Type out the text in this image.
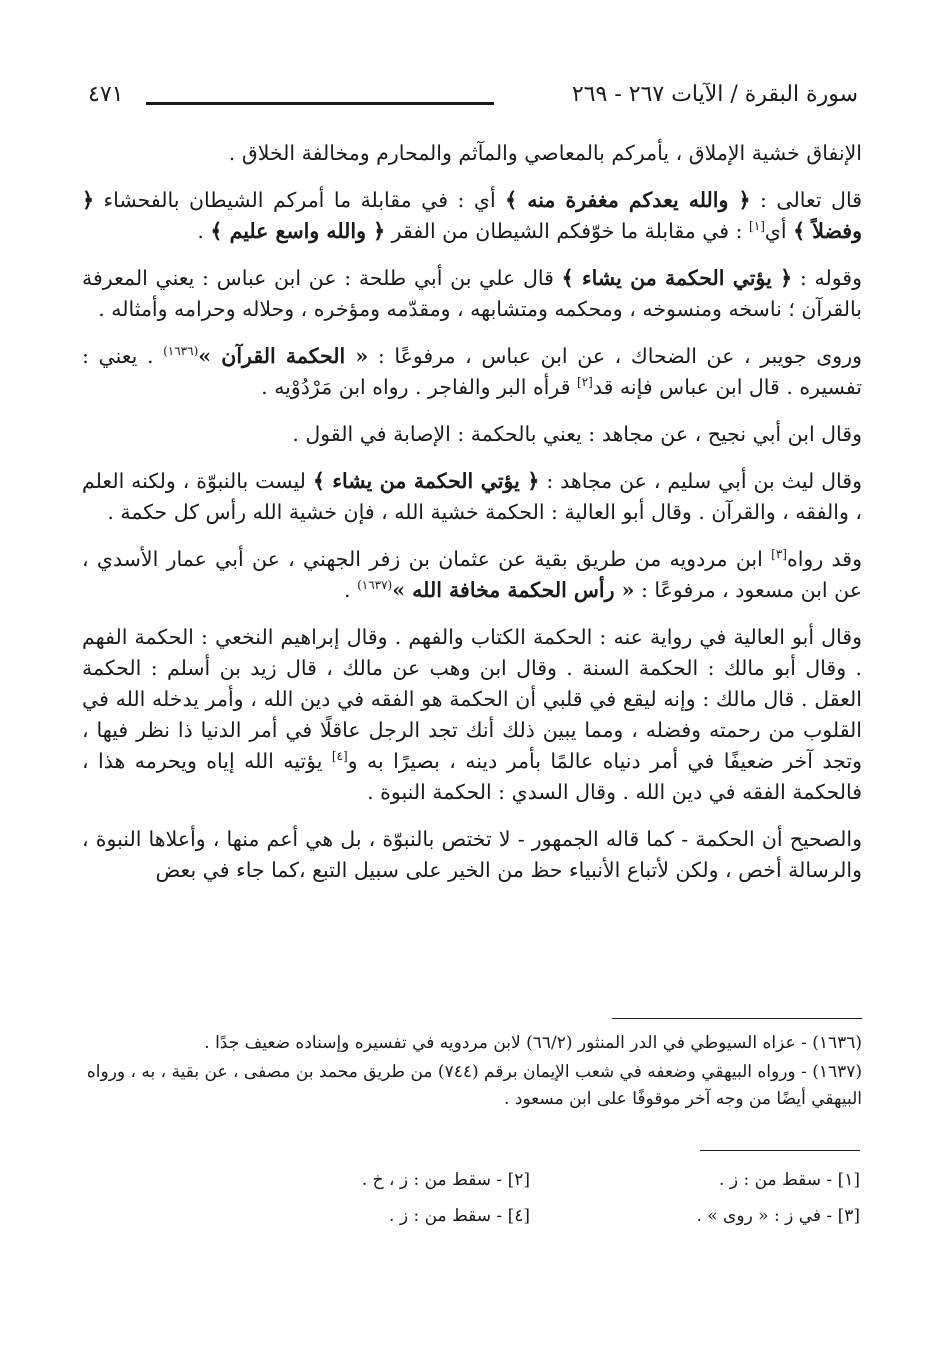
سورة البقرة / الآيات ٢٦٧ - ٢٦٩
٤٧١

الإنفاق خشية الإملاق ، يأمركم بالمعاصي والمآثم والمحارم ومخالفة الخلاق .

قال تعالى : ﴿ والله يعدكم مغفرة منه ﴾ أي : في مقابلة ما أمركم الشيطان بالفحشاء ﴿ وفضلاً ﴾ أي[١] : في مقابلة ما خوّفكم الشيطان من الفقر ﴿ والله واسع عليم ﴾ .

وقوله : ﴿ يؤتي الحكمة من يشاء ﴾ قال علي بن أبي طلحة : عن ابن عباس : يعني المعرفة بالقرآن ؛ ناسخه ومنسوخه ، ومحكمه ومتشابهه ، ومقدّمه ومؤخره ، وحلاله وحرامه وأمثاله .

وروى جويبر ، عن الضحاك ، عن ابن عباس ، مرفوعًا : « الحكمة القرآن »$^{(١٦٣٦)}$ . يعني : تفسيره . قال ابن عباس فإنه قد[٢] قرأه البر والفاجر . رواه ابن مَرْدُوْيه .

وقال ابن أبي نجيح ، عن مجاهد : يعني بالحكمة : الإصابة في القول .

وقال ليث بن أبي سليم ، عن مجاهد : ﴿ يؤتي الحكمة من يشاء ﴾ ليست بالنبوّة ، ولكنه العلم ، والفقه ، والقرآن . وقال أبو العالية : الحكمة خشية الله ، فإن خشية الله رأس كل حكمة .

وقد رواه[٣] ابن مردويه من طريق بقية عن عثمان بن زفر الجهني ، عن أبي عمار الأسدي ، عن ابن مسعود ، مرفوعًا : « رأس الحكمة مخافة الله »$^{(١٦٣٧)}$ .

وقال أبو العالية في رواية عنه : الحكمة الكتاب والفهم . وقال إبراهيم النخعي : الحكمة الفهم . وقال أبو مالك : الحكمة السنة . وقال ابن وهب عن مالك ، قال زيد بن أسلم : الحكمة العقل . قال مالك : وإنه ليقع في قلبي أن الحكمة هو الفقه في دين الله ، وأمر يدخله الله في القلوب من رحمته وفضله ، ومما يبين ذلك أنك تجد الرجل عاقلًا في أمر الدنيا ذا نظر فيها ، وتجد آخر ضعيفًا في أمر دنياه عالمًا بأمر دينه ، بصيرًا به و[٤] يؤتيه الله إياه ويحرمه هذا ، فالحكمة الفقه في دين الله . وقال السدي : الحكمة النبوة .

والصحيح أن الحكمة - كما قاله الجمهور - لا تختص بالنبوّة ، بل هي أعم منها ، وأعلاها النبوة ، والرسالة أخص ، ولكن لأتباع الأنبياء حظ من الخير على سبيل التبع ،كما جاء في بعض

(١٦٣٦) - عزاه السيوطي في الدر المنثور (٦٦/٢) لابن مردويه في تفسيره وإسناده ضعيف جدًا .
(١٦٣٧) - ورواه البيهقي وضعفه في شعب الإيمان برقم (٧٤٤) من طريق محمد بن مصفى ، عن بقية ، به ، ورواه البيهقي أيضًا من وجه آخر موقوفًا على ابن مسعود .
[١] - سقط من : ز .
[٢] - سقط من : ز ، خ .
[٣] - في ز : « روى » .
[٤] - سقط من : ز .
